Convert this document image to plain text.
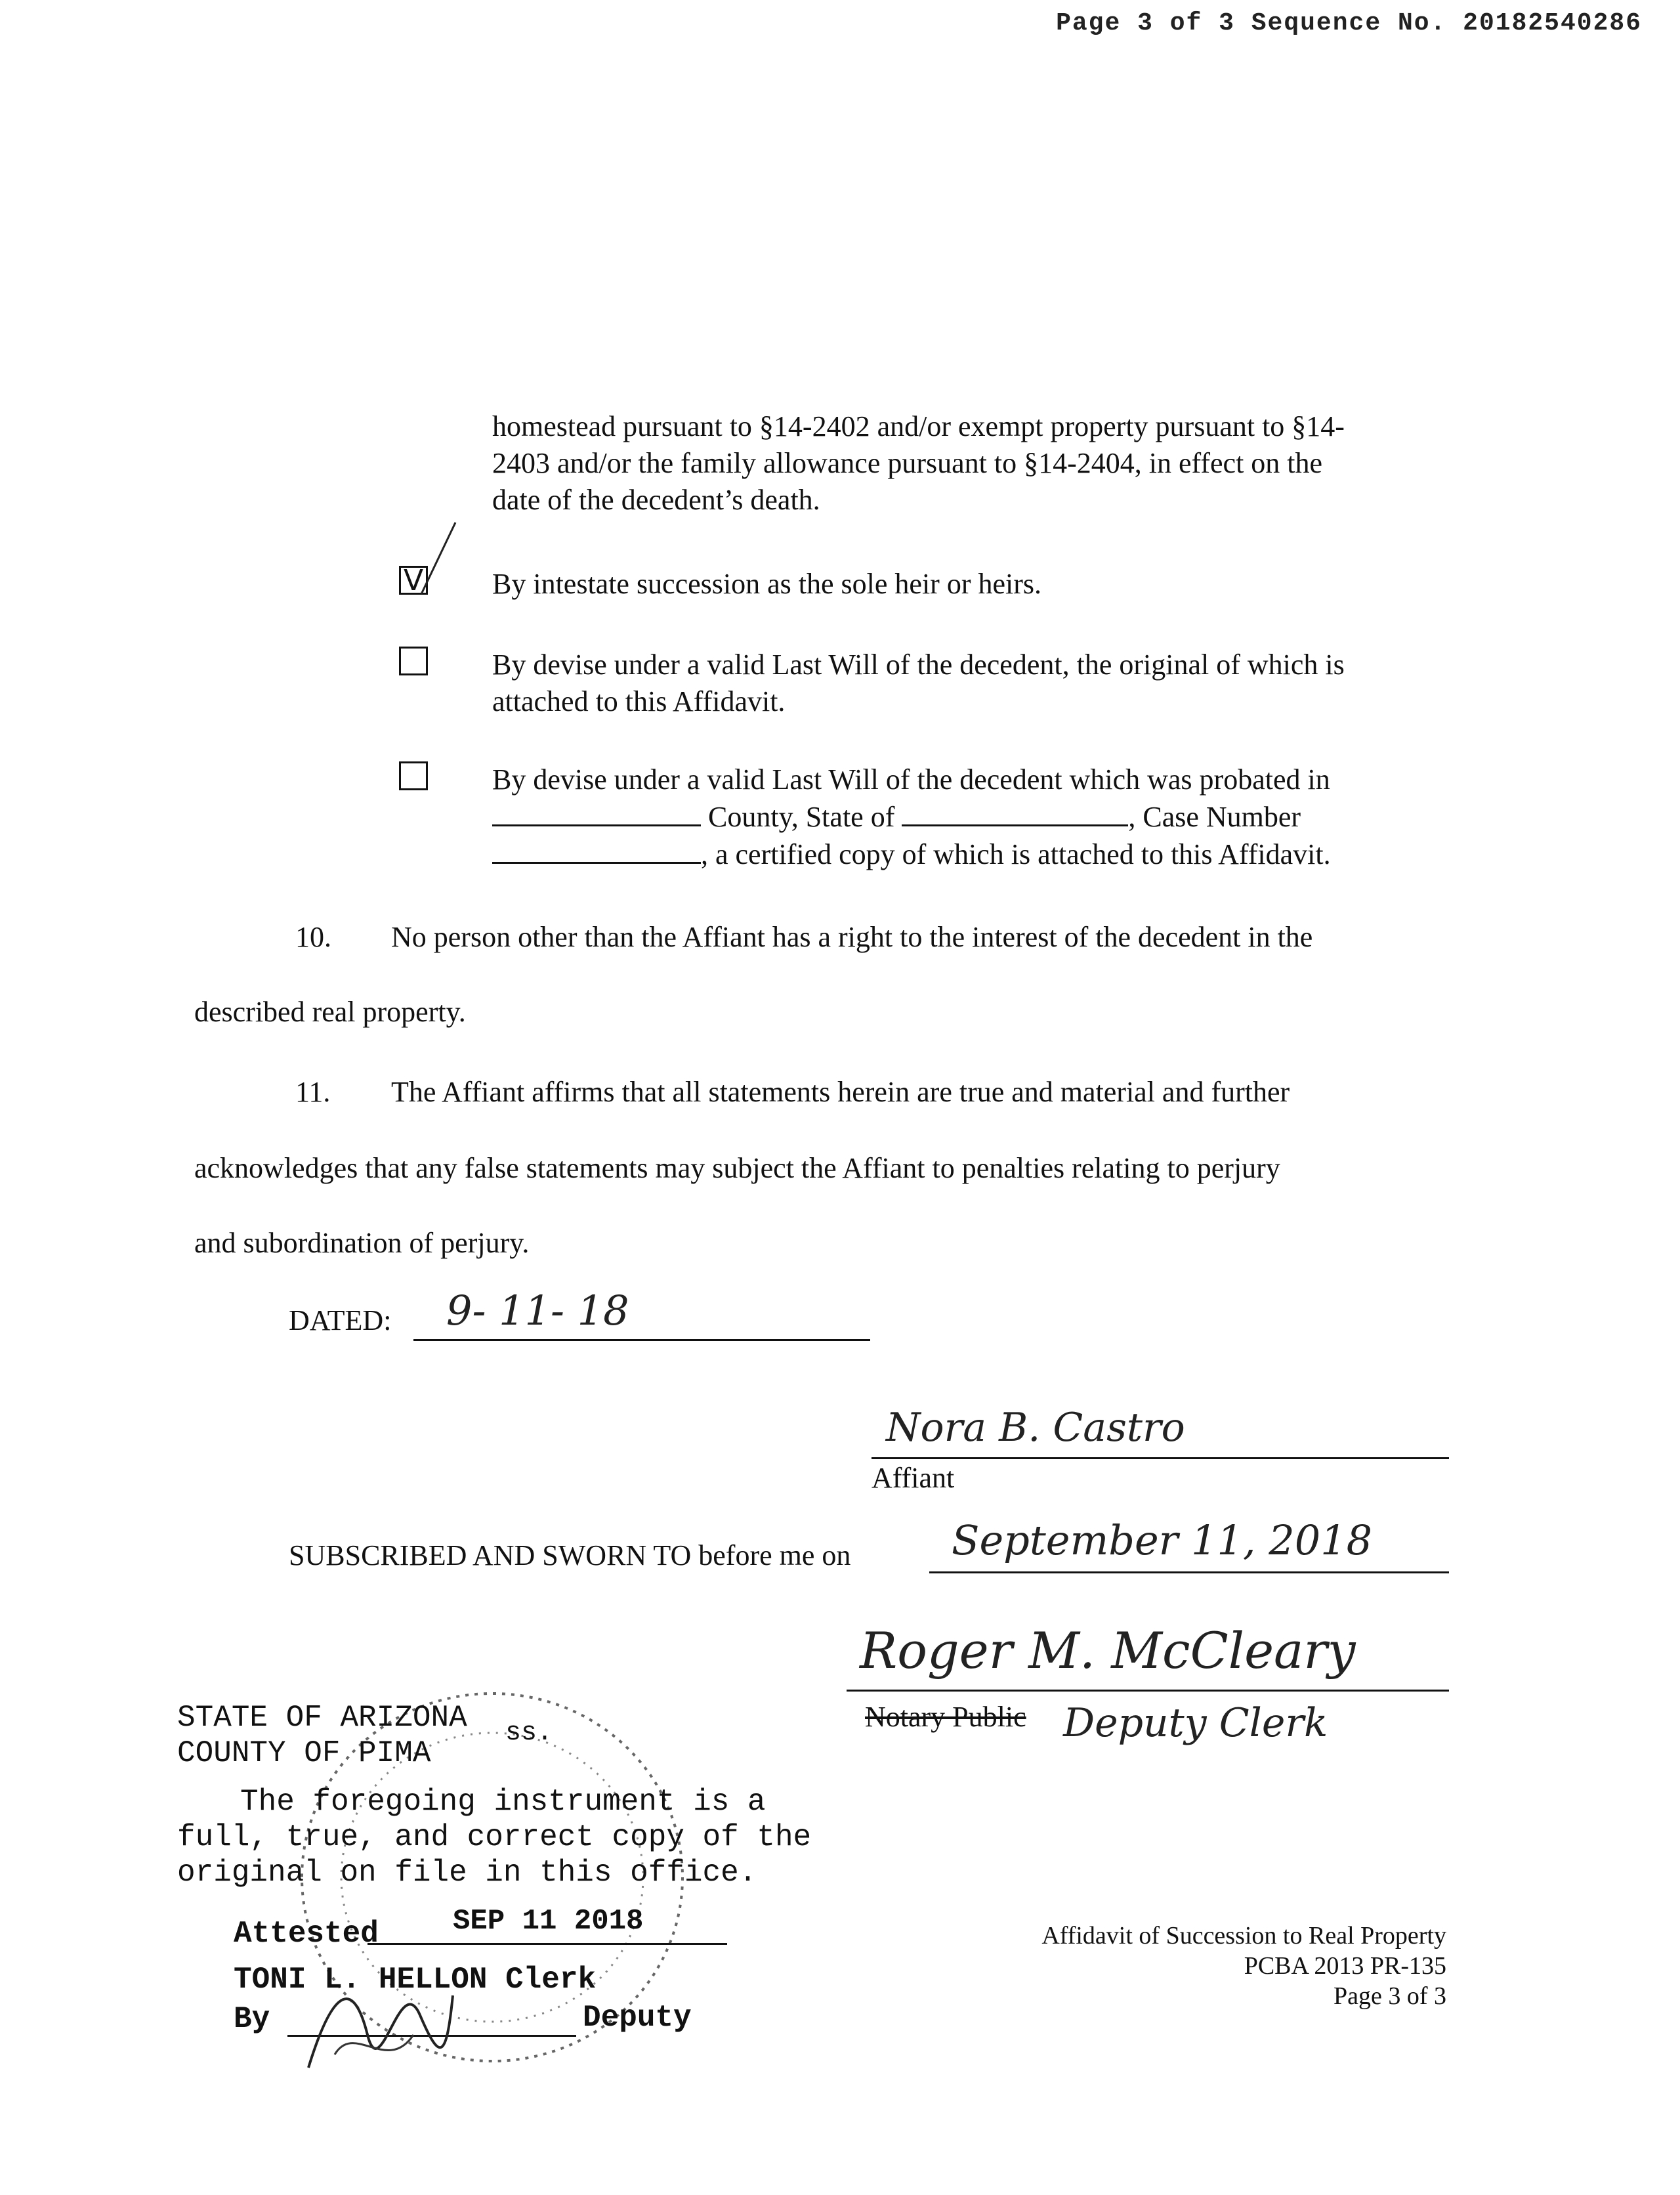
Page 3 of 3 Sequence No. 20182540286
homestead pursuant to §14-2402 and/or exempt property pursuant to §14-
2403 and/or the family allowance pursuant to §14-2404, in effect on the
date of the decedent’s death.
V By intestate succession as the sole heir or heirs.
By devise under a valid Last Will of the decedent, the original of which is
attached to this Affidavit.
By devise under a valid Last Will of the decedent which was probated in
County, State of	, Case Number
, a certified copy of which is attached to this Affidavit.
10. No person other than the Affiant has a right to the interest of the decedent in the
described real property.
11. The Affiant affirms that all statements herein are true and material and further
acknowledges that any false statements may subject the Affiant to penalties relating to perjury
and subordination of perjury.
DATED: 9- 11- 18
Nora B. Castro
Affiant
SUBSCRIBED AND SWORN TO before me on September 11, 2018
Roger M. McCleary
Notary Public Deputy Clerk
STATE OF ARIZONA ss.
COUNTY OF PIMA
The foregoing instrument is a
full, true, and correct copy of the
original on file in this office.
Attested	SEP 11 2018
TONI L. HELLON Clerk
By	Deputy
Affidavit of Succession to Real Property
PCBA 2013 PR-135
Page 3 of 3
